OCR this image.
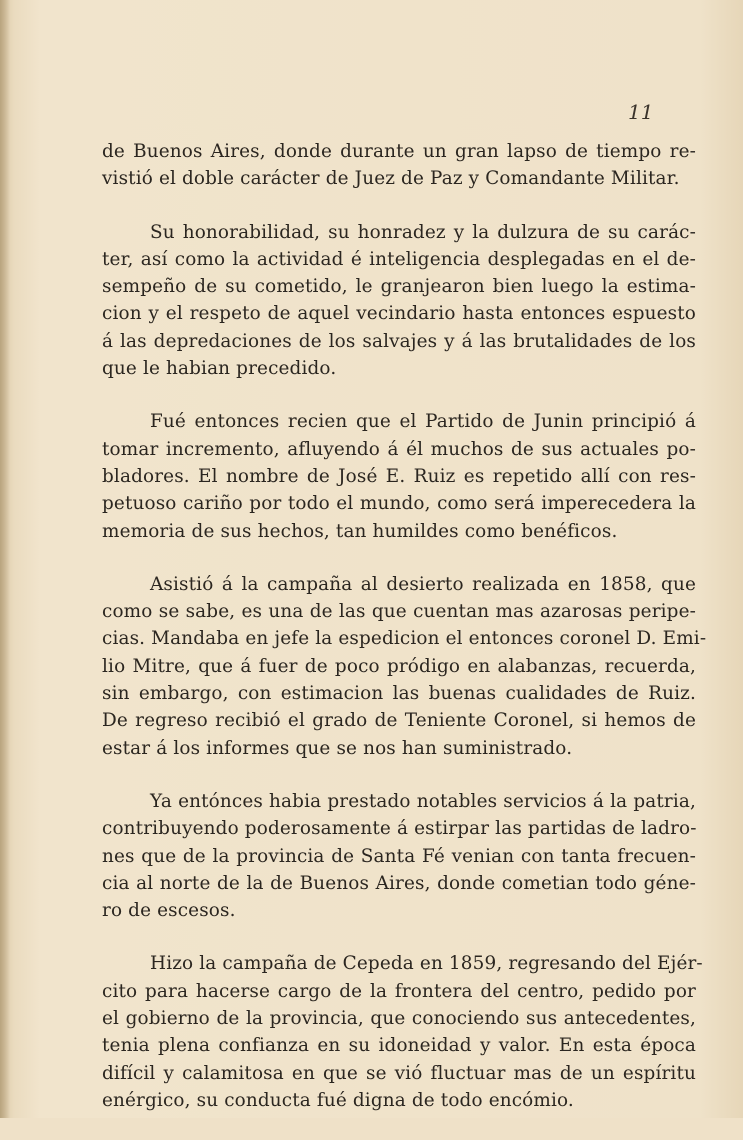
11
de Buenos Aires, donde durante un gran lapso de tiempo re-
vistió el doble carácter de Juez de Paz y Comandante Militar.
Su honorabilidad, su honradez y la dulzura de su carác-
ter, así como la actividad é inteligencia desplegadas en el de-
sempeño de su cometido, le granjearon bien luego la estima-
cion y el respeto de aquel vecindario hasta entonces espuesto
á las depredaciones de los salvajes y á las brutalidades de los
que le habian precedido.
Fué entonces recien que el Partido de Junin principió á
tomar incremento, afluyendo á él muchos de sus actuales po-
bladores. El nombre de José E. Ruiz es repetido allí con res-
petuoso cariño por todo el mundo, como será imperecedera la
memoria de sus hechos, tan humildes como benéficos.
Asistió á la campaña al desierto realizada en 1858, que
como se sabe, es una de las que cuentan mas azarosas peripe-
cias. Mandaba en jefe la espedicion el entonces coronel D. Emi-
lio Mitre, que á fuer de poco pródigo en alabanzas, recuerda,
sin embargo, con estimacion las buenas cualidades de Ruiz.
De regreso recibió el grado de Teniente Coronel, si hemos de
estar á los informes que se nos han suministrado.
Ya entónces habia prestado notables servicios á la patria,
contribuyendo poderosamente á estirpar las partidas de ladro-
nes que de la provincia de Santa Fé venian con tanta frecuen-
cia al norte de la de Buenos Aires, donde cometian todo géne-
ro de escesos.
Hizo la campaña de Cepeda en 1859, regresando del Ejér-
cito para hacerse cargo de la frontera del centro, pedido por
el gobierno de la provincia, que conociendo sus antecedentes,
tenia plena confianza en su idoneidad y valor. En esta época
difícil y calamitosa en que se vió fluctuar mas de un espíritu
enérgico, su conducta fué digna de todo encómio.
